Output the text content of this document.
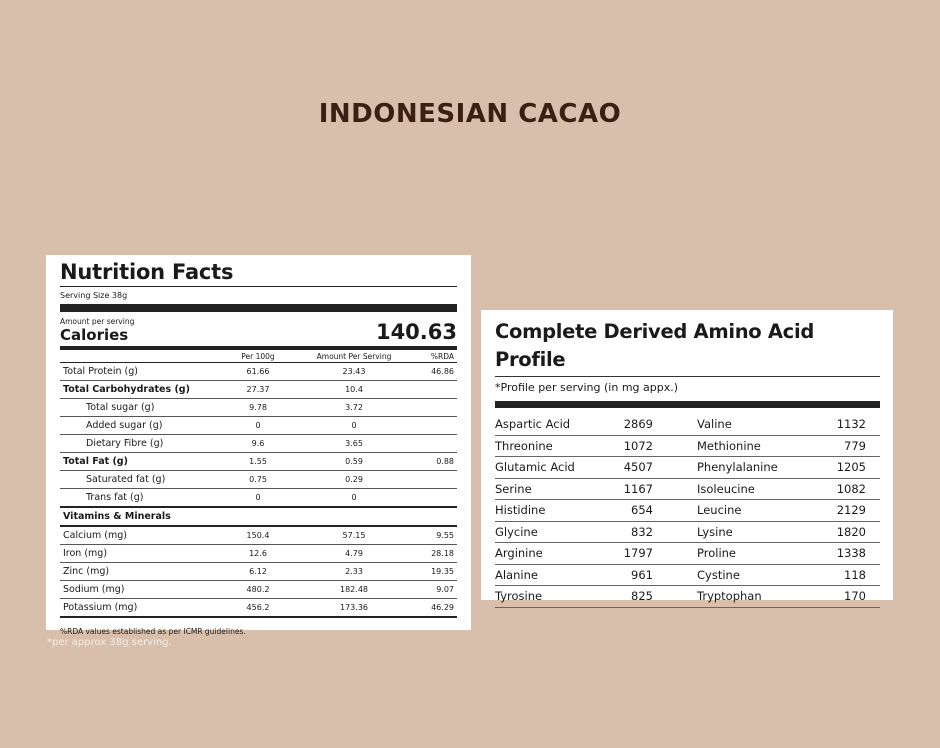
INDONESIAN CACAO
Nutrition Facts
Serving Size 38g
Amount per serving
Calories	140.63
Per 100g	Amount Per Serving	%RDA
Total Protein (g)	61.66	23.43	46.86
Total Carbohydrates (g)	27.37	10.4
Total sugar (g)	9.78	3.72
Added sugar (g)	0	0
Dietary Fibre (g)	9.6	3.65
Total Fat (g)	1.55	0.59	0.88
Saturated fat (g)	0.75	0.29
Trans fat (g)	0	0
Vitamins & Minerals
Calcium (mg)	150.4	57.15	9.55
Iron (mg)	12.6	4.79	28.18
Zinc (mg)	6.12	2.33	19.35
Sodium (mg)	480.2	182.48	9.07
Potassium (mg)	456.2	173.36	46.29
%RDA values established as per ICMR guidelines.
*per approx 38g serving.
Complete Derived Amino Acid Profile
*Profile per serving (in mg appx.)
Aspartic Acid	2869	Valine	1132
Threonine	1072	Methionine	779
Glutamic Acid	4507	Phenylalanine	1205
Serine	1167	Isoleucine	1082
Histidine	654	Leucine	2129
Glycine	832	Lysine	1820
Arginine	1797	Proline	1338
Alanine	961	Cystine	118
Tyrosine	825	Tryptophan	170
